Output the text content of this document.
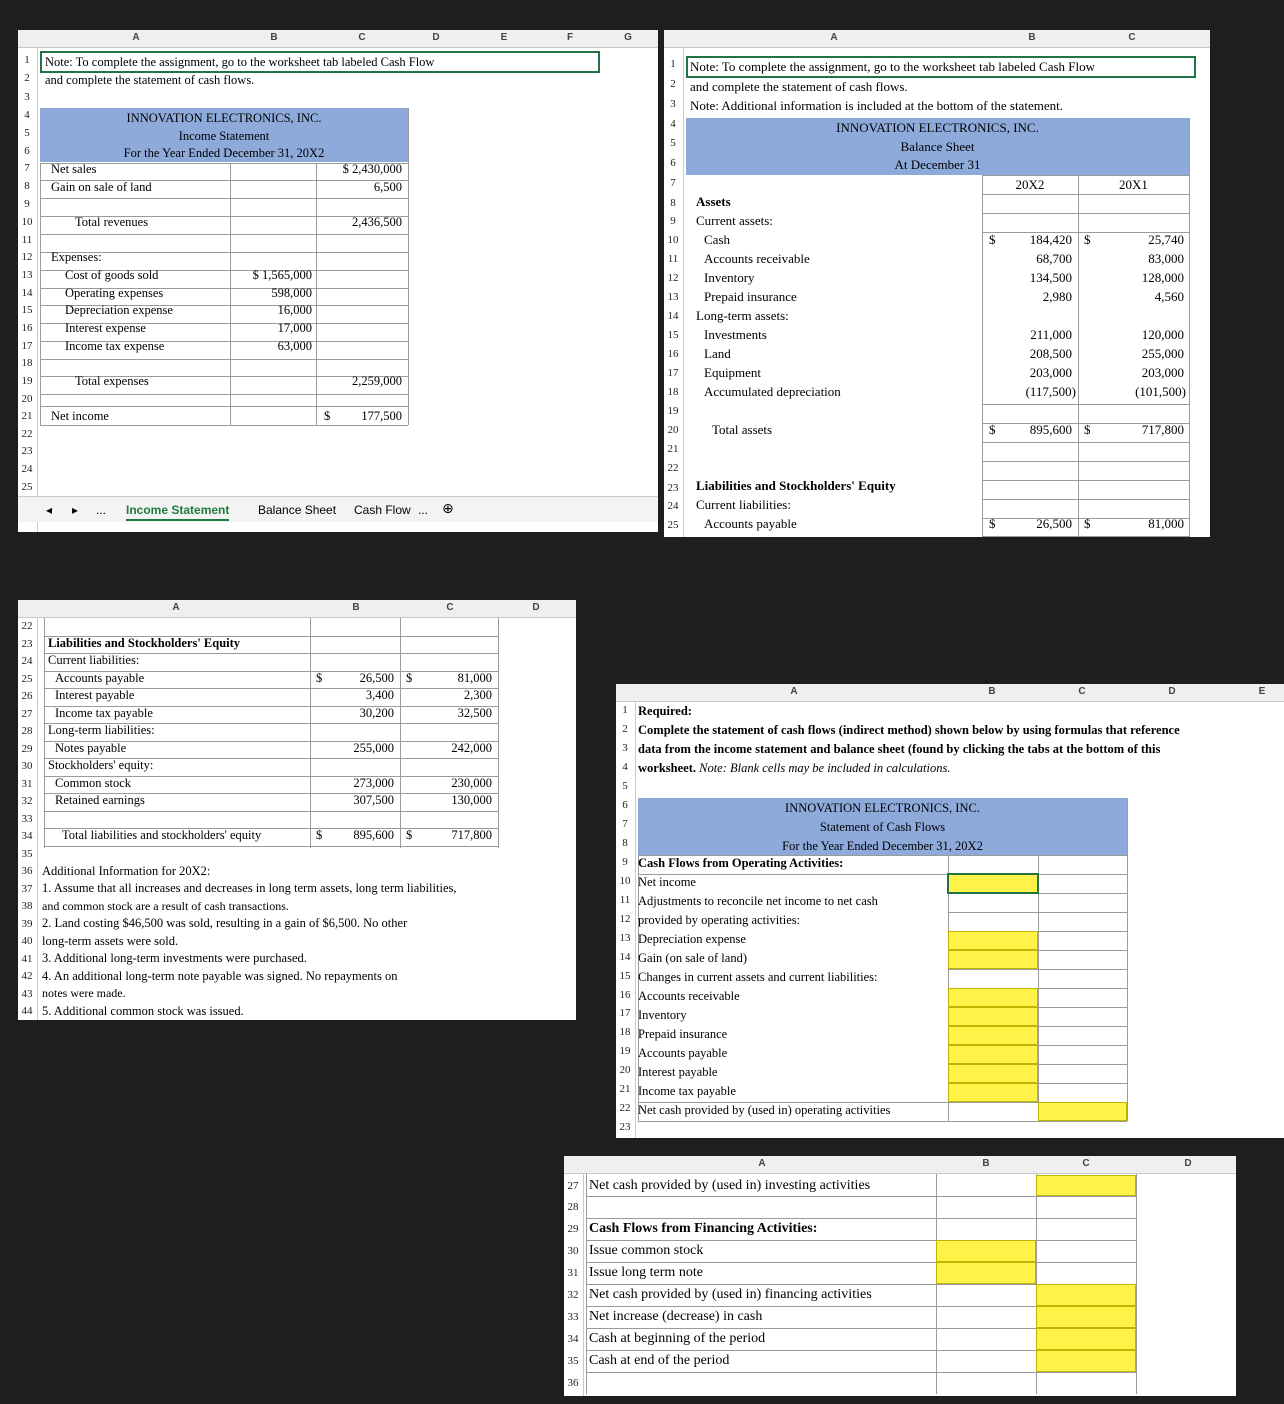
A	B	C	D	E	F	G
1
2
3
4
5
6
7
8
9
10
11
12
13
14
15
16
17
18
19
20
21
22
23
24
25
Note: To complete the assignment, go to the worksheet tab labeled Cash Flow
and complete the statement of cash flows.
INNOVATION ELECTRONICS, INC.
Income Statement
For the Year Ended December 31, 20X2
Net sales	$ 2,430,000
Gain on sale of land	6,500
Total revenues	2,436,500
Expenses:
Cost of goods sold	$ 1,565,000
Operating expenses	598,000
Depreciation expense	16,000
Interest expense	17,000
Income tax expense	63,000
Total expenses	2,259,000
Net income	$	177,500
◂ ▸ ... Income Statement Balance Sheet Cash Flow ... ⊕
A	B	C
1
2
3
4
5
6
7
8
9
10
11
12
13
14
15
16
17
18
19
20
21
22
23
24
25
Note: To complete the assignment, go to the worksheet tab labeled Cash Flow
and complete the statement of cash flows.
Note: Additional information is included at the bottom of the statement.
INNOVATION ELECTRONICS, INC.
Balance Sheet
At December 31
20X2	20X1
Assets
Current assets:
$	$
Cash	184,420	25,740
Accounts receivable	68,700	83,000
Inventory	134,500	128,000
Prepaid insurance	2,980	4,560
Long-term assets:
Investments	211,000	120,000
Land	208,500	255,000
Equipment	203,000	203,000
Accumulated depreciation	(117,500)	(101,500)
Total assets	$	895,600 $	717,800
Liabilities and Stockholders' Equity
Current liabilities:
Accounts payable	$	26,500 $	81,000
A	B	C	D
22
23
24
25
26
27
28
29
30
31
32
33
34
35
36
37
38
39
40
41
42
43
44
45
Liabilities and Stockholders' Equity
Current liabilities:
Accounts payable	$	26,500 $	81,000
Interest payable	3,400	2,300
Income tax payable	30,200	32,500
Long-term liabilities:
Notes payable	255,000	242,000
Stockholders' equity:
Common stock	273,000	230,000
Retained earnings	307,500	130,000
Total liabilities and stockholders' equity	$	895,600 $	717,800
Additional Information for 20X2:
1. Assume that all increases and decreases in long term assets, long term liabilities,
and common stock are a result of cash transactions.
2. Land costing $46,500 was sold, resulting in a gain of $6,500. No other
long-term assets were sold.
3. Additional long-term investments were purchased.
4. An additional long-term note payable was signed. No repayments on
notes were made.
5. Additional common stock was issued.
A	B	C	D	E
1
2
3
4
5
6
7
8
9
10
11
12
13
14
15
16
17
18
19
20
21
22
23
Required:
Complete the statement of cash flows (indirect method) shown below by using formulas that reference
data from the income statement and balance sheet (found by clicking the tabs at the bottom of this
worksheet. Note: Blank cells may be included in calculations.
INNOVATION ELECTRONICS, INC.
Statement of Cash Flows
For the Year Ended December 31, 20X2
Cash Flows from Operating Activities:
Net income
Adjustments to reconcile net income to net cash
provided by operating activities:
Depreciation expense
Gain (on sale of land)
Changes in current assets and current liabilities:
Accounts receivable
Inventory
Prepaid insurance
Accounts payable
Interest payable
Income tax payable
Net cash provided by (used in) operating activities
A	B	C	D
27
28
29
30
31
32
33
34
35
36
Net cash provided by (used in) investing activities
Cash Flows from Financing Activities:
Issue common stock
Issue long term note
Net cash provided by (used in) financing activities
Net increase (decrease) in cash
Cash at beginning of the period
Cash at end of the period
